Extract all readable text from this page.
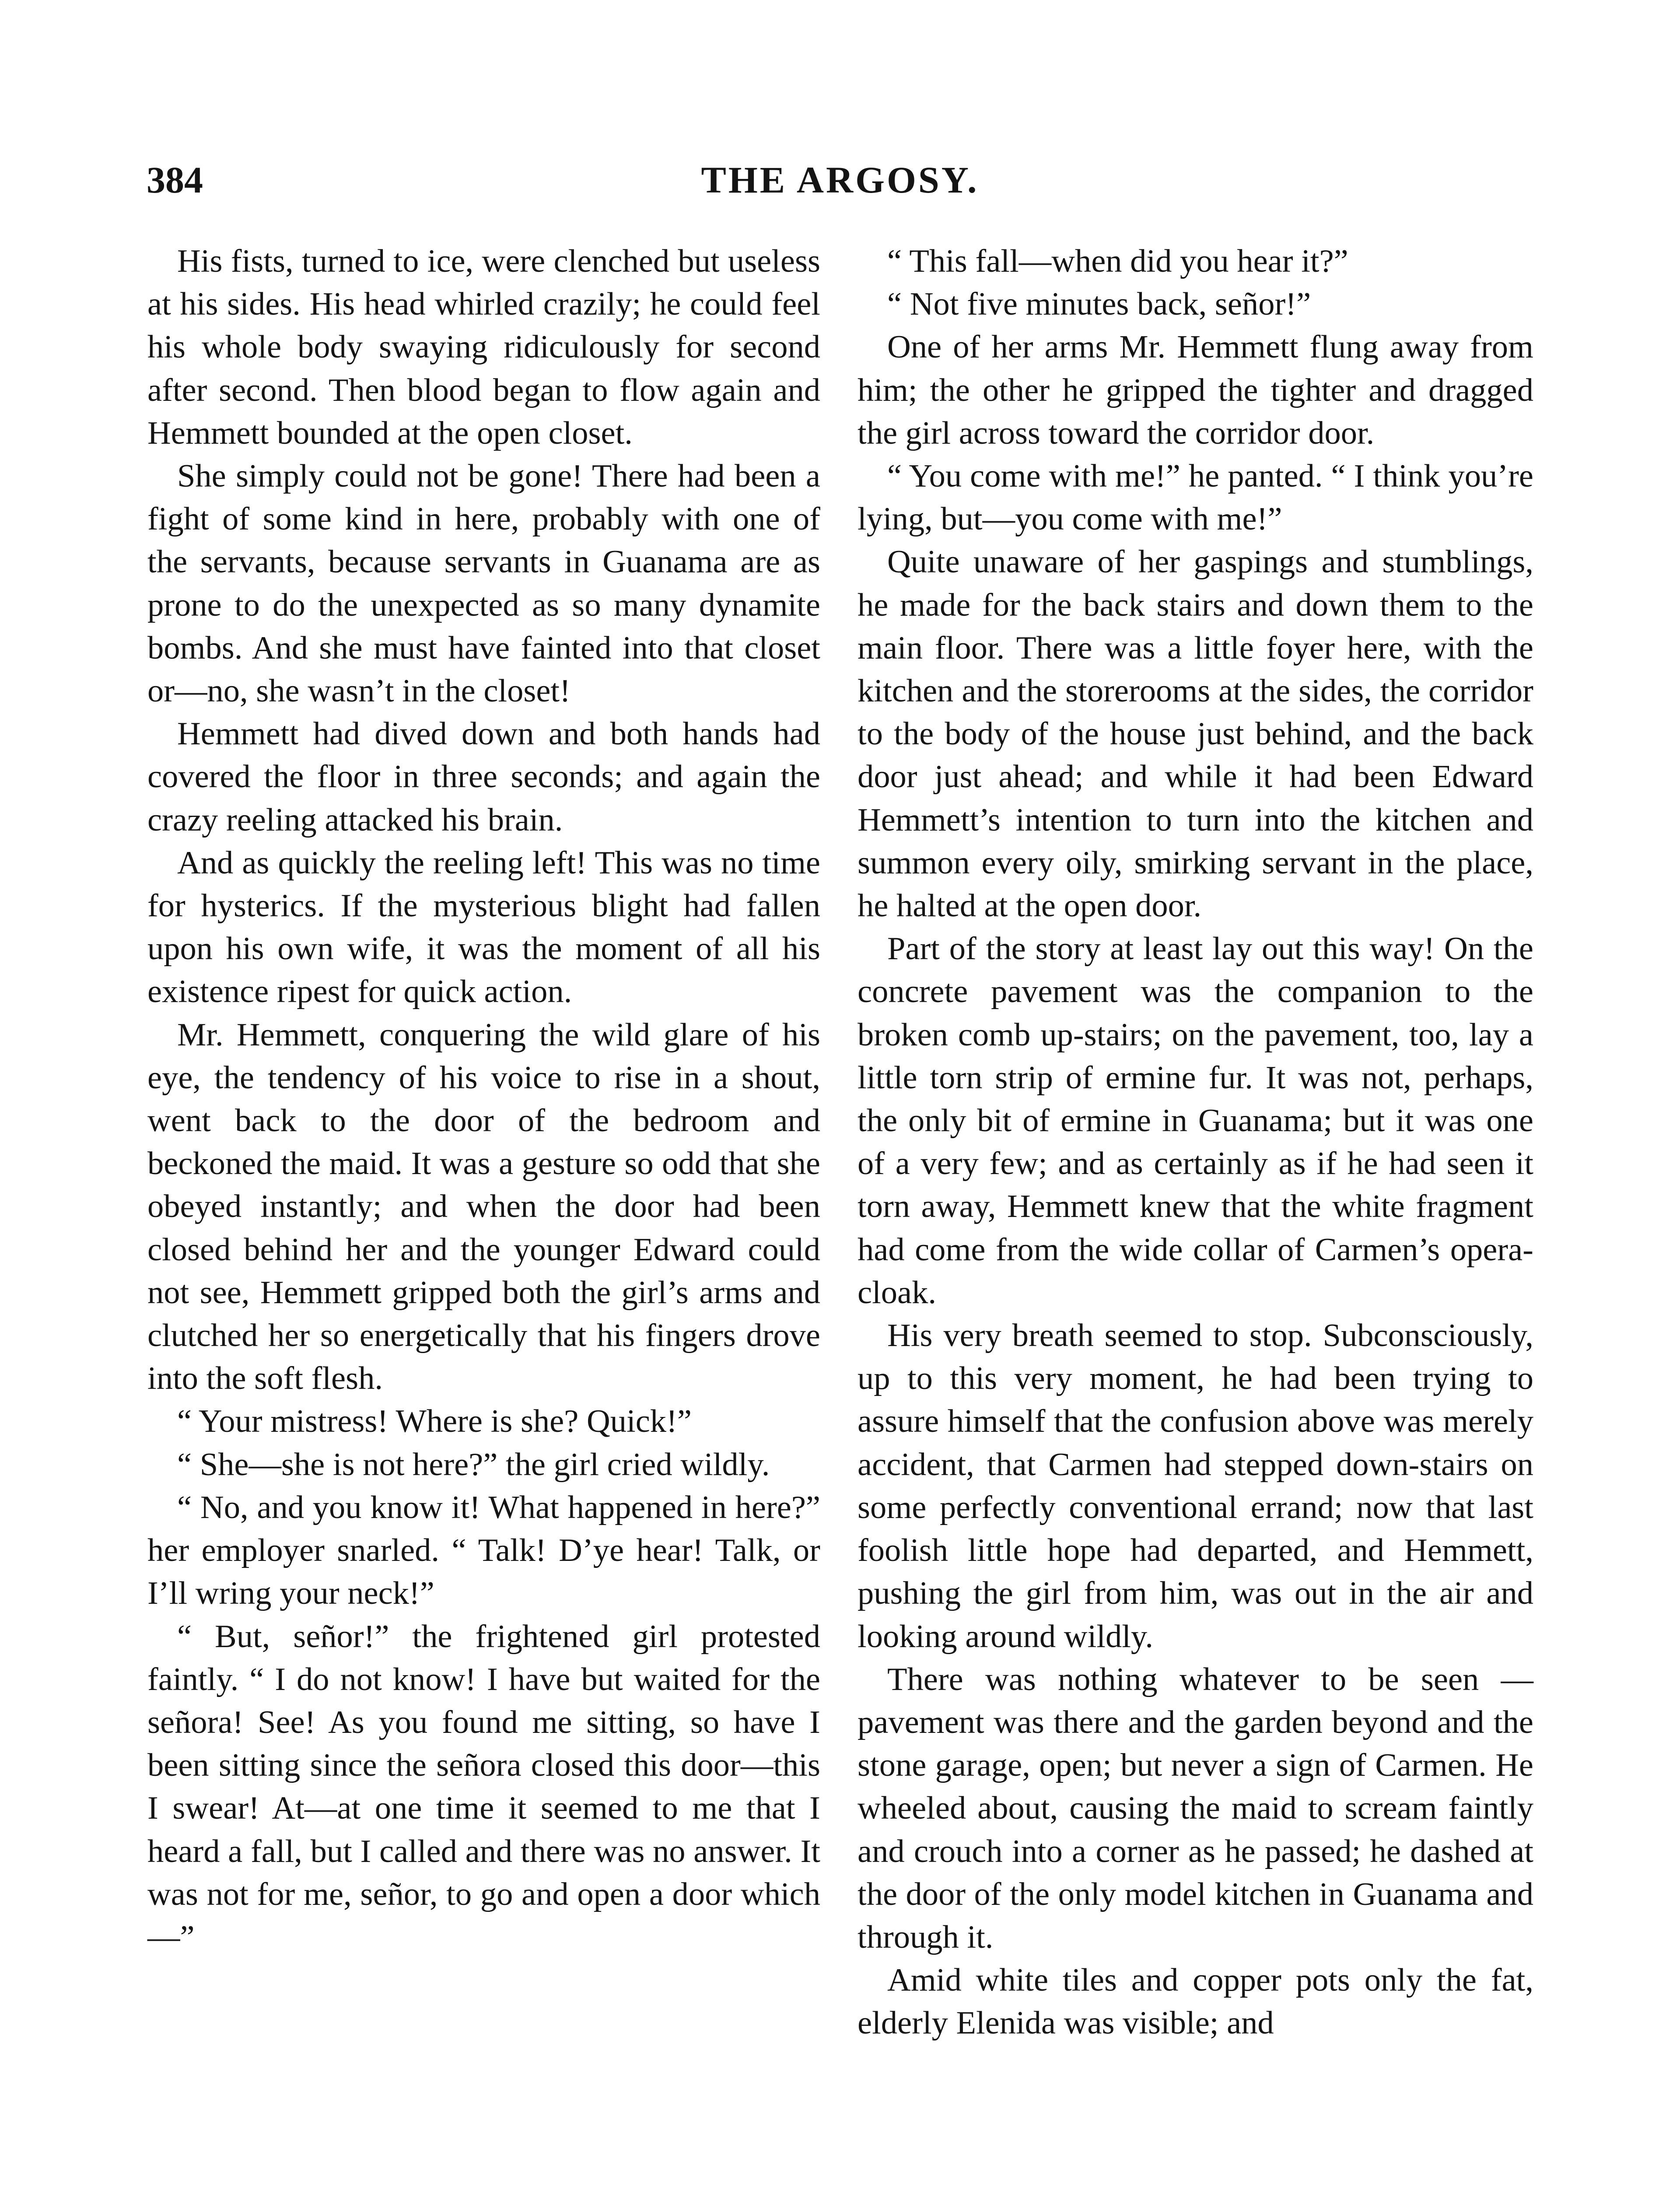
384	THE ARGOSY.

His fists, turned to ice, were clenched but useless at his sides. His head whirled crazily; he could feel his whole body swaying ridiculously for second after second. Then blood began to flow again and Hemmett bounded at the open closet.

She simply could not be gone! There had been a fight of some kind in here, probably with one of the servants, because servants in Guanama are as prone to do the unexpected as so many dynamite bombs. And she must have fainted into that closet or—no, she wasn’t in the closet!

Hemmett had dived down and both hands had covered the floor in three seconds; and again the crazy reeling attacked his brain.

And as quickly the reeling left! This was no time for hysterics. If the mysterious blight had fallen upon his own wife, it was the moment of all his existence ripest for quick action.

Mr. Hemmett, conquering the wild glare of his eye, the tendency of his voice to rise in a shout, went back to the door of the bedroom and beckoned the maid. It was a gesture so odd that she obeyed instantly; and when the door had been closed behind her and the younger Edward could not see, Hemmett gripped both the girl’s arms and clutched her so energetically that his fingers drove into the soft flesh.

“ Your mistress! Where is she? Quick!”

“ She—she is not here?” the girl cried wildly.

“ No, and you know it! What happened in here?” her employer snarled. “ Talk! D’ye hear! Talk, or I’ll wring your neck!”

“ But, señor!” the frightened girl protested faintly. “ I do not know! I have but waited for the señora! See! As you found me sitting, so have I been sitting since the señora closed this door—this I swear! At—at one time it seemed to me that I heard a fall, but I called and there was no answer. It was not for me, señor, to go and open a door which—”

“ This fall—when did you hear it?”

“ Not five minutes back, señor!”

One of her arms Mr. Hemmett flung away from him; the other he gripped the tighter and dragged the girl across toward the corridor door.

“ You come with me!” he panted. “ I think you’re lying, but—you come with me!”

Quite unaware of her gaspings and stumblings, he made for the back stairs and down them to the main floor. There was a little foyer here, with the kitchen and the storerooms at the sides, the corridor to the body of the house just behind, and the back door just ahead; and while it had been Edward Hemmett’s intention to turn into the kitchen and summon every oily, smirking servant in the place, he halted at the open door.

Part of the story at least lay out this way! On the concrete pavement was the companion to the broken comb up-stairs; on the pavement, too, lay a little torn strip of ermine fur. It was not, perhaps, the only bit of ermine in Guanama; but it was one of a very few; and as certainly as if he had seen it torn away, Hemmett knew that the white fragment had come from the wide collar of Carmen’s opera-cloak.

His very breath seemed to stop. Subconsciously, up to this very moment, he had been trying to assure himself that the confusion above was merely accident, that Carmen had stepped down-stairs on some perfectly conventional errand; now that last foolish little hope had departed, and Hemmett, pushing the girl from him, was out in the air and looking around wildly.

There was nothing whatever to be seen —pavement was there and the garden beyond and the stone garage, open; but never a sign of Carmen. He wheeled about, causing the maid to scream faintly and crouch into a corner as he passed; he dashed at the door of the only model kitchen in Guanama and through it.

Amid white tiles and copper pots only the fat, elderly Elenida was visible; and
